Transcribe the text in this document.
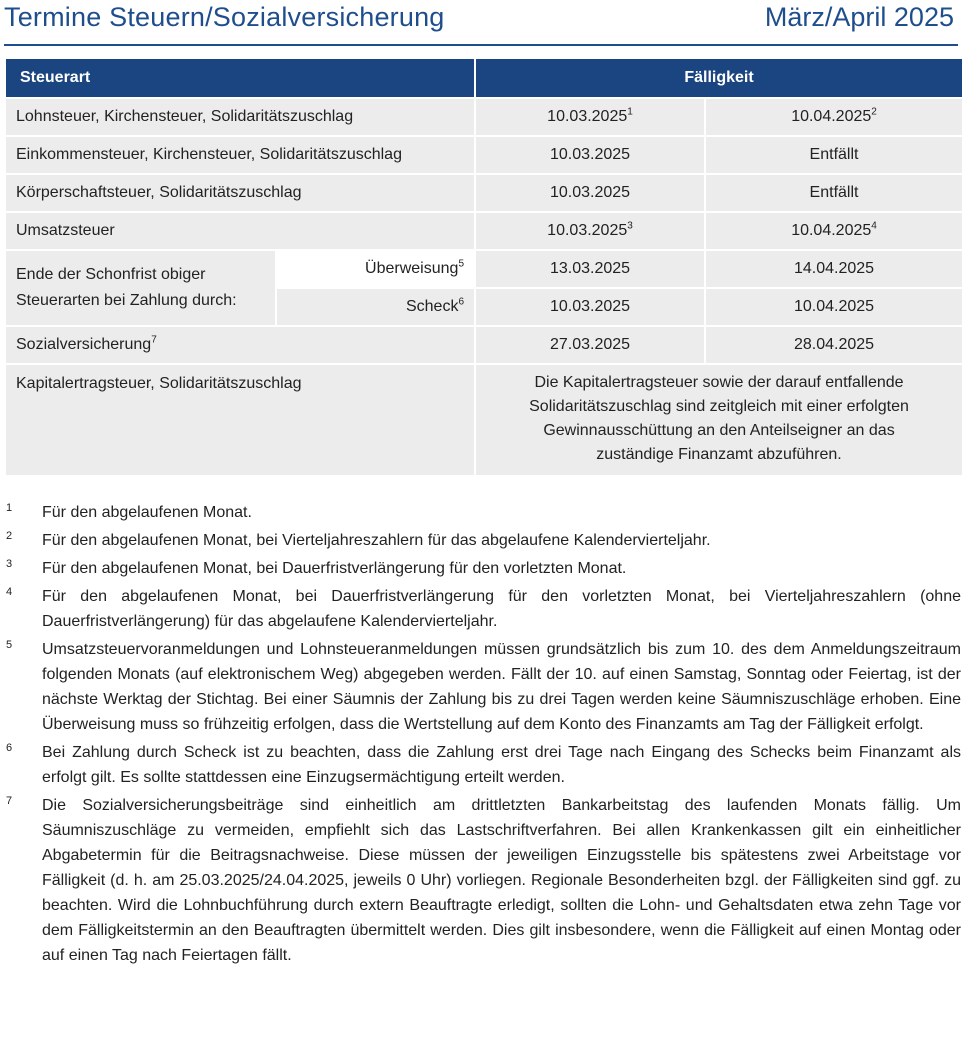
Termine Steuern/Sozialversicherung	März/April 2025
Steuerart		Fälligkeit	
Lohnsteuer, Kirchensteuer, Solidaritätszuschlag		10.03.2025$^1$	10.04.2025$^2$
Einkommensteuer, Kirchensteuer, Solidaritätszuschlag		10.03.2025	Entfällt
Körperschaftsteuer, Solidaritätszuschlag		10.03.2025	Entfällt
Umsatzsteuer		10.03.2025$^3$	10.04.2025$^4$

Ende der Schonfrist obiger
Steuerarten bei Zahlung durch:	Überweisung$^5$	13.03.2025	14.04.2025
	Scheck$^6$	10.03.2025	10.04.2025
Sozialversicherung$^7$		27.03.2025	28.04.2025
Kapitalertragsteuer, Solidaritätszuschlag		Die Kapitalertragsteuer sowie der darauf entfallende
Solidaritätszuschlag sind zeitgleich mit einer erfolgten
Gewinnausschüttung an den Anteilseigner an das
zuständige Finanzamt abzuführen.	
1 Für den abgelaufenen Monat.
2 Für den abgelaufenen Monat, bei Vierteljahreszahlern für das abgelaufene Kalendervierteljahr.
3 Für den abgelaufenen Monat, bei Dauerfristverlängerung für den vorletzten Monat.
4 Für den abgelaufenen Monat, bei Dauerfristverlängerung für den vorletzten Monat, bei Vierteljahreszahlern (ohne Dauerfristverlängerung) für das abgelaufene Kalendervierteljahr.
5 Umsatzsteuervoranmeldungen und Lohnsteueranmeldungen müssen grundsätzlich bis zum 10. des dem Anmeldungszeitraum folgenden Monats (auf elektronischem Weg) abgegeben werden. Fällt der 10. auf einen Samstag, Sonntag oder Feiertag, ist der nächste Werktag der Stichtag. Bei einer Säumnis der Zahlung bis zu drei Tagen werden keine Säumniszuschläge erhoben. Eine Überweisung muss so frühzeitig erfolgen, dass die Wertstellung auf dem Konto des Finanzamts am Tag der Fälligkeit erfolgt.
6 Bei Zahlung durch Scheck ist zu beachten, dass die Zahlung erst drei Tage nach Eingang des Schecks beim Finanzamt als erfolgt gilt. Es sollte stattdessen eine Einzugsermächtigung erteilt werden.
7 Die Sozialversicherungsbeiträge sind einheitlich am drittletzten Bankarbeitstag des laufenden Monats fällig. Um Säumniszuschläge zu vermeiden, empfiehlt sich das Lastschriftverfahren. Bei allen Krankenkassen gilt ein einheitlicher Abgabetermin für die Beitragsnachweise. Diese müssen der jeweiligen Einzugsstelle bis spätestens zwei Arbeitstage vor Fälligkeit (d. h. am 25.03.2025/24.04.2025, jeweils 0 Uhr) vorliegen. Regionale Besonderheiten bzgl. der Fälligkeiten sind ggf. zu beachten. Wird die Lohnbuchführung durch extern Beauftragte erledigt, sollten die Lohn- und Gehaltsdaten etwa zehn Tage vor dem Fälligkeitstermin an den Beauftragten übermittelt werden. Dies gilt insbesondere, wenn die Fälligkeit auf einen Montag oder auf einen Tag nach Feiertagen fällt.
